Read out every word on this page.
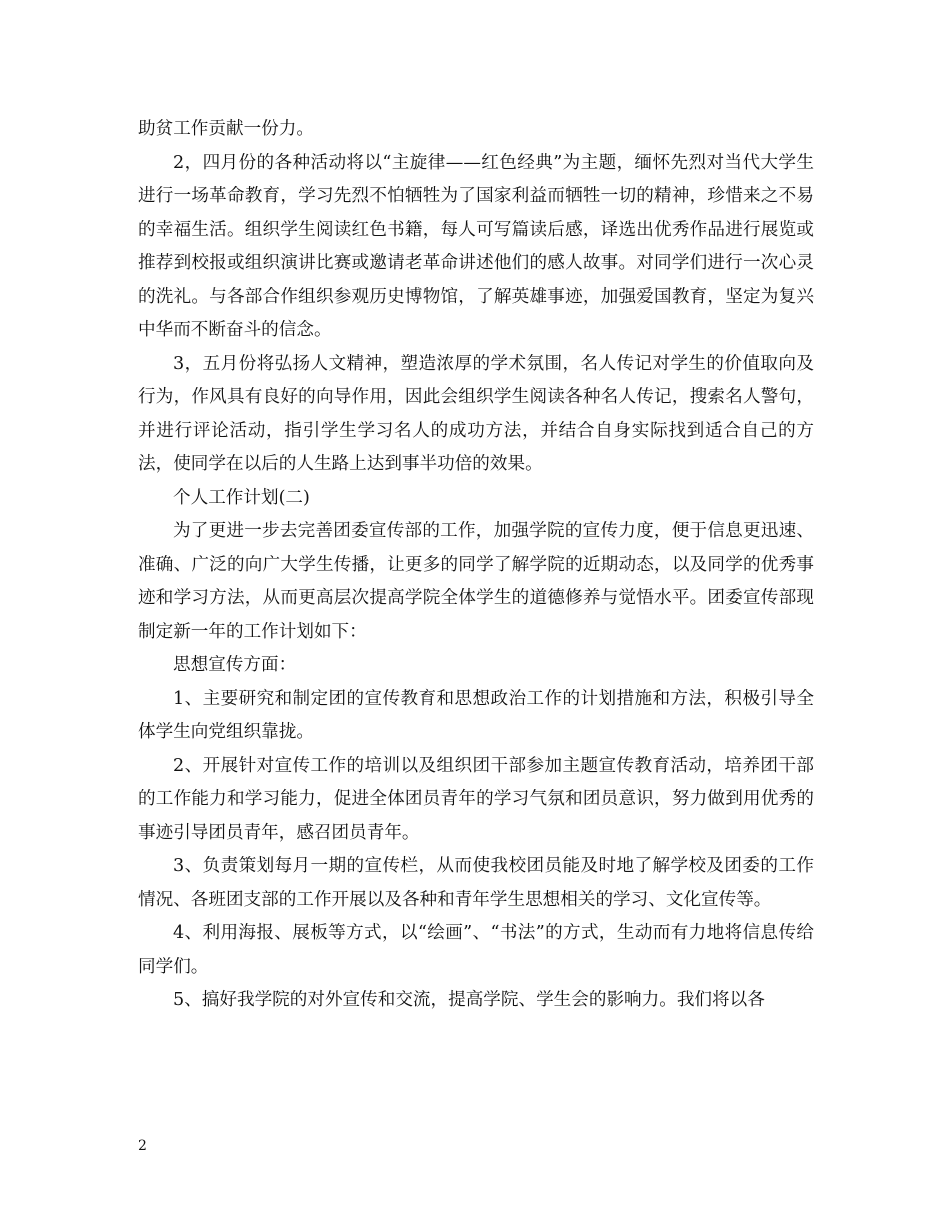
助贫工作贡献一份力。

2，四月份的各种活动将以“主旋律——红色经典”为主题，缅怀先烈对当代大学生进行一场革命教育，学习先烈不怕牺牲为了国家利益而牺牲一切的精神，珍惜来之不易的幸福生活。组织学生阅读红色书籍，每人可写篇读后感，译选出优秀作品进行展览或推荐到校报或组织演讲比赛或邀请老革命讲述他们的感人故事。对同学们进行一次心灵的洗礼。与各部合作组织参观历史博物馆，了解英雄事迹，加强爱国教育，坚定为复兴中华而不断奋斗的信念。

3，五月份将弘扬人文精神，塑造浓厚的学术氛围，名人传记对学生的价值取向及行为，作风具有良好的向导作用，因此会组织学生阅读各种名人传记，搜索名人警句，并进行评论活动，指引学生学习名人的成功方法，并结合自身实际找到适合自己的方法，使同学在以后的人生路上达到事半功倍的效果。

个人工作计划(二)

为了更进一步去完善团委宣传部的工作，加强学院的宣传力度，便于信息更迅速、准确、广泛的向广大学生传播，让更多的同学了解学院的近期动态，以及同学的优秀事迹和学习方法，从而更高层次提高学院全体学生的道德修养与觉悟水平。团委宣传部现制定新一年的工作计划如下：

思想宣传方面：

1、主要研究和制定团的宣传教育和思想政治工作的计划措施和方法，积极引导全体学生向党组织靠拢。

2、开展针对宣传工作的培训以及组织团干部参加主题宣传教育活动，培养团干部的工作能力和学习能力，促进全体团员青年的学习气氛和团员意识，努力做到用优秀的事迹引导团员青年，感召团员青年。

3、负责策划每月一期的宣传栏，从而使我校团员能及时地了解学校及团委的工作情况、各班团支部的工作开展以及各种和青年学生思想相关的学习、文化宣传等。

4、利用海报、展板等方式，以“绘画”、“书法”的方式，生动而有力地将信息传给同学们。

5、搞好我学院的对外宣传和交流，提高学院、学生会的影响力。我们将以各

2
